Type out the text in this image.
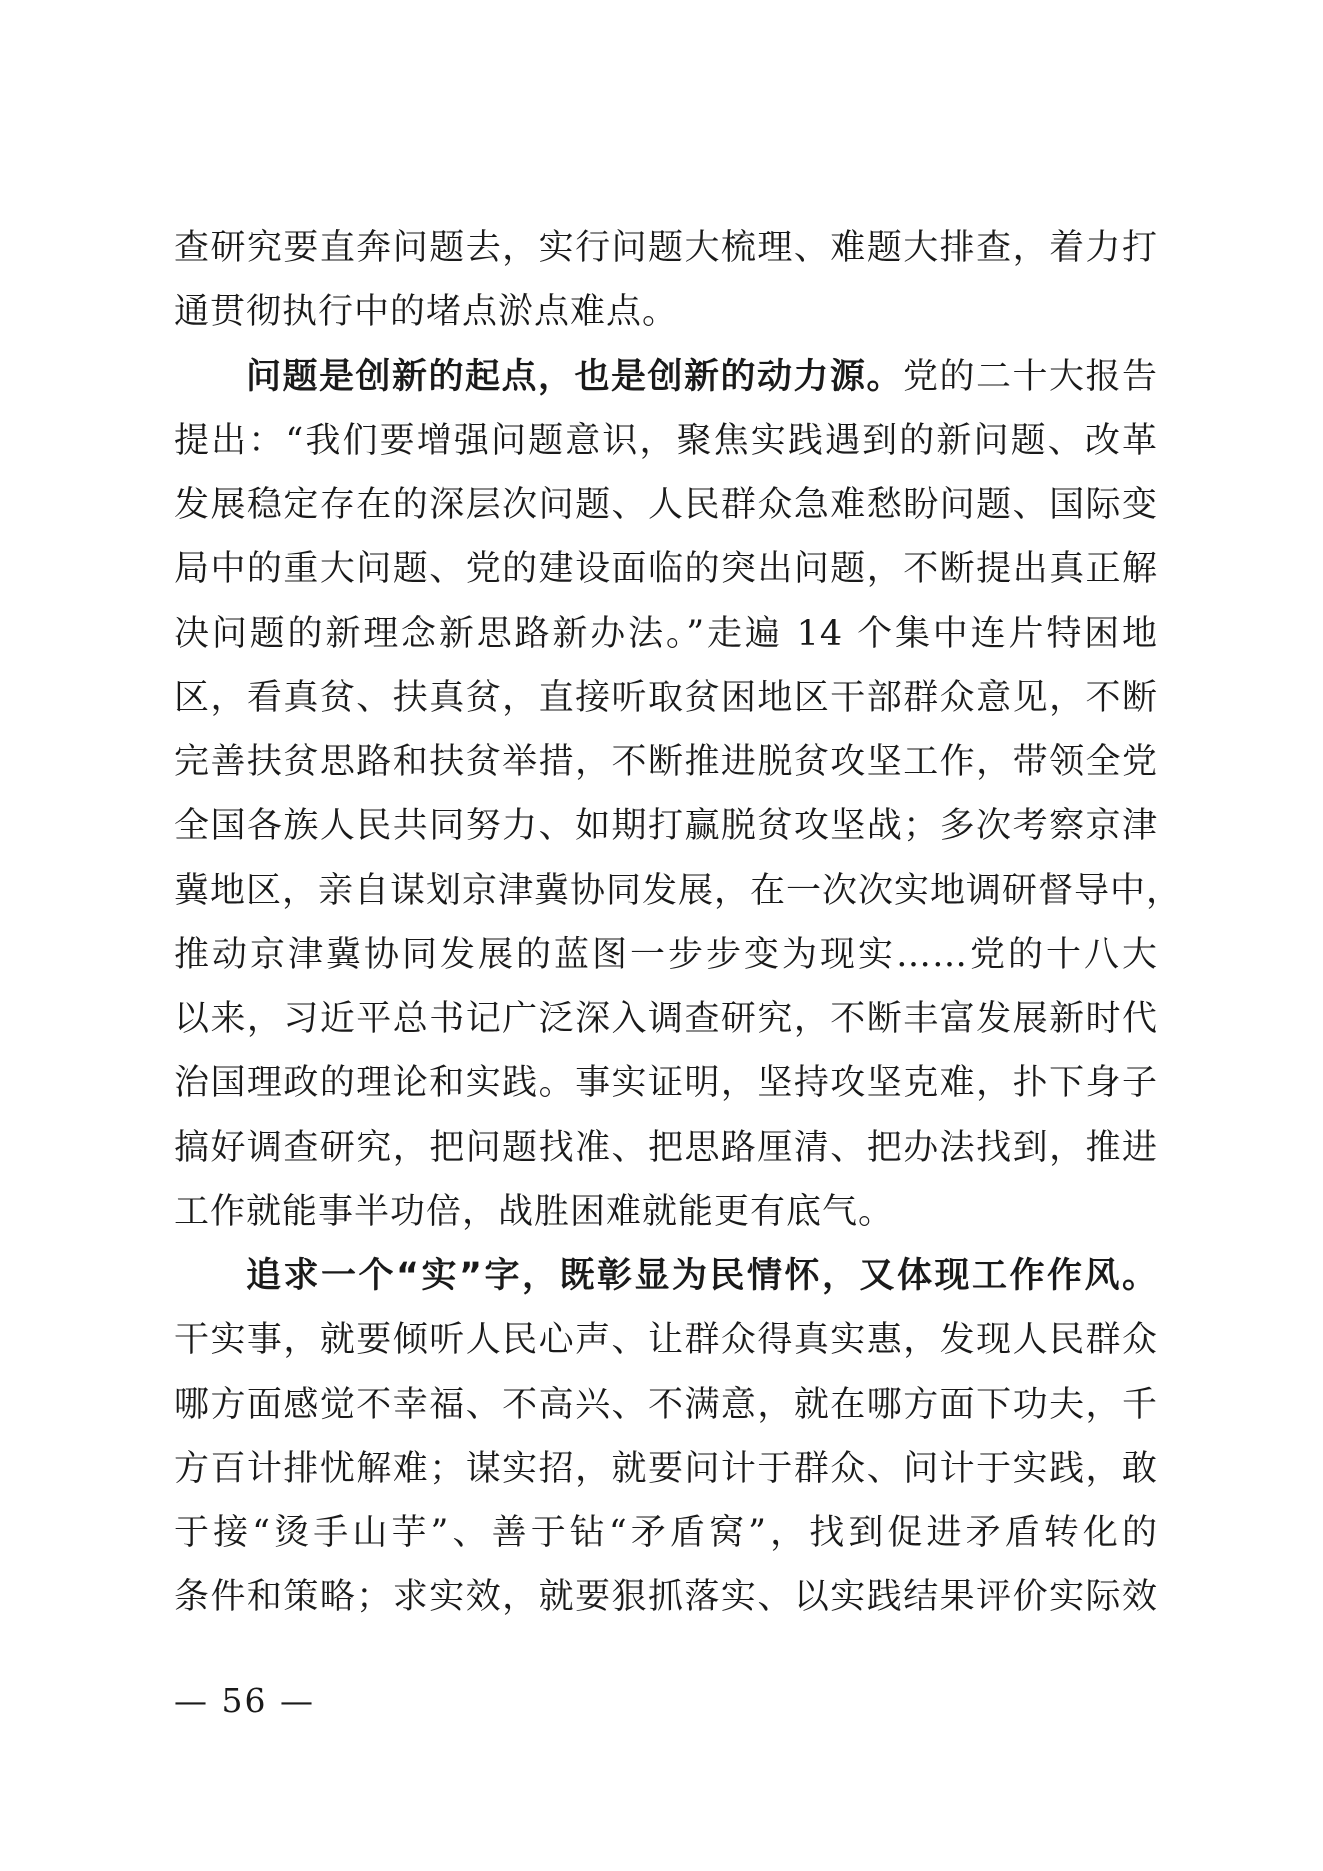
查研究要直奔问题去，实行问题大梳理、难题大排查，着力打
通贯彻执行中的堵点淤点难点。
问题是创新的起点，也是创新的动力源。党的二十大报告
提出：“我们要增强问题意识，聚焦实践遇到的新问题、改革
发展稳定存在的深层次问题、人民群众急难愁盼问题、国际变
局中的重大问题、党的建设面临的突出问题，不断提出真正解
决问题的新理念新思路新办法。”走遍 14 个集中连片特困地
区，看真贫、扶真贫，直接听取贫困地区干部群众意见，不断
完善扶贫思路和扶贫举措，不断推进脱贫攻坚工作，带领全党
全国各族人民共同努力、如期打赢脱贫攻坚战；多次考察京津
冀地区，亲自谋划京津冀协同发展，在一次次实地调研督导中，
推动京津冀协同发展的蓝图一步步变为现实……党的十八大
以来，习近平总书记广泛深入调查研究，不断丰富发展新时代
治国理政的理论和实践。事实证明，坚持攻坚克难，扑下身子
搞好调查研究，把问题找准、把思路厘清、把办法找到，推进
工作就能事半功倍，战胜困难就能更有底气。
追求一个“实”字，既彰显为民情怀，又体现工作作风。
干实事，就要倾听人民心声、让群众得真实惠，发现人民群众
哪方面感觉不幸福、不高兴、不满意，就在哪方面下功夫，千
方百计排忧解难；谋实招，就要问计于群众、问计于实践，敢
于接“烫手山芋”、善于钻“矛盾窝”，找到促进矛盾转化的
条件和策略；求实效，就要狠抓落实、以实践结果评价实际效
— 56 —
